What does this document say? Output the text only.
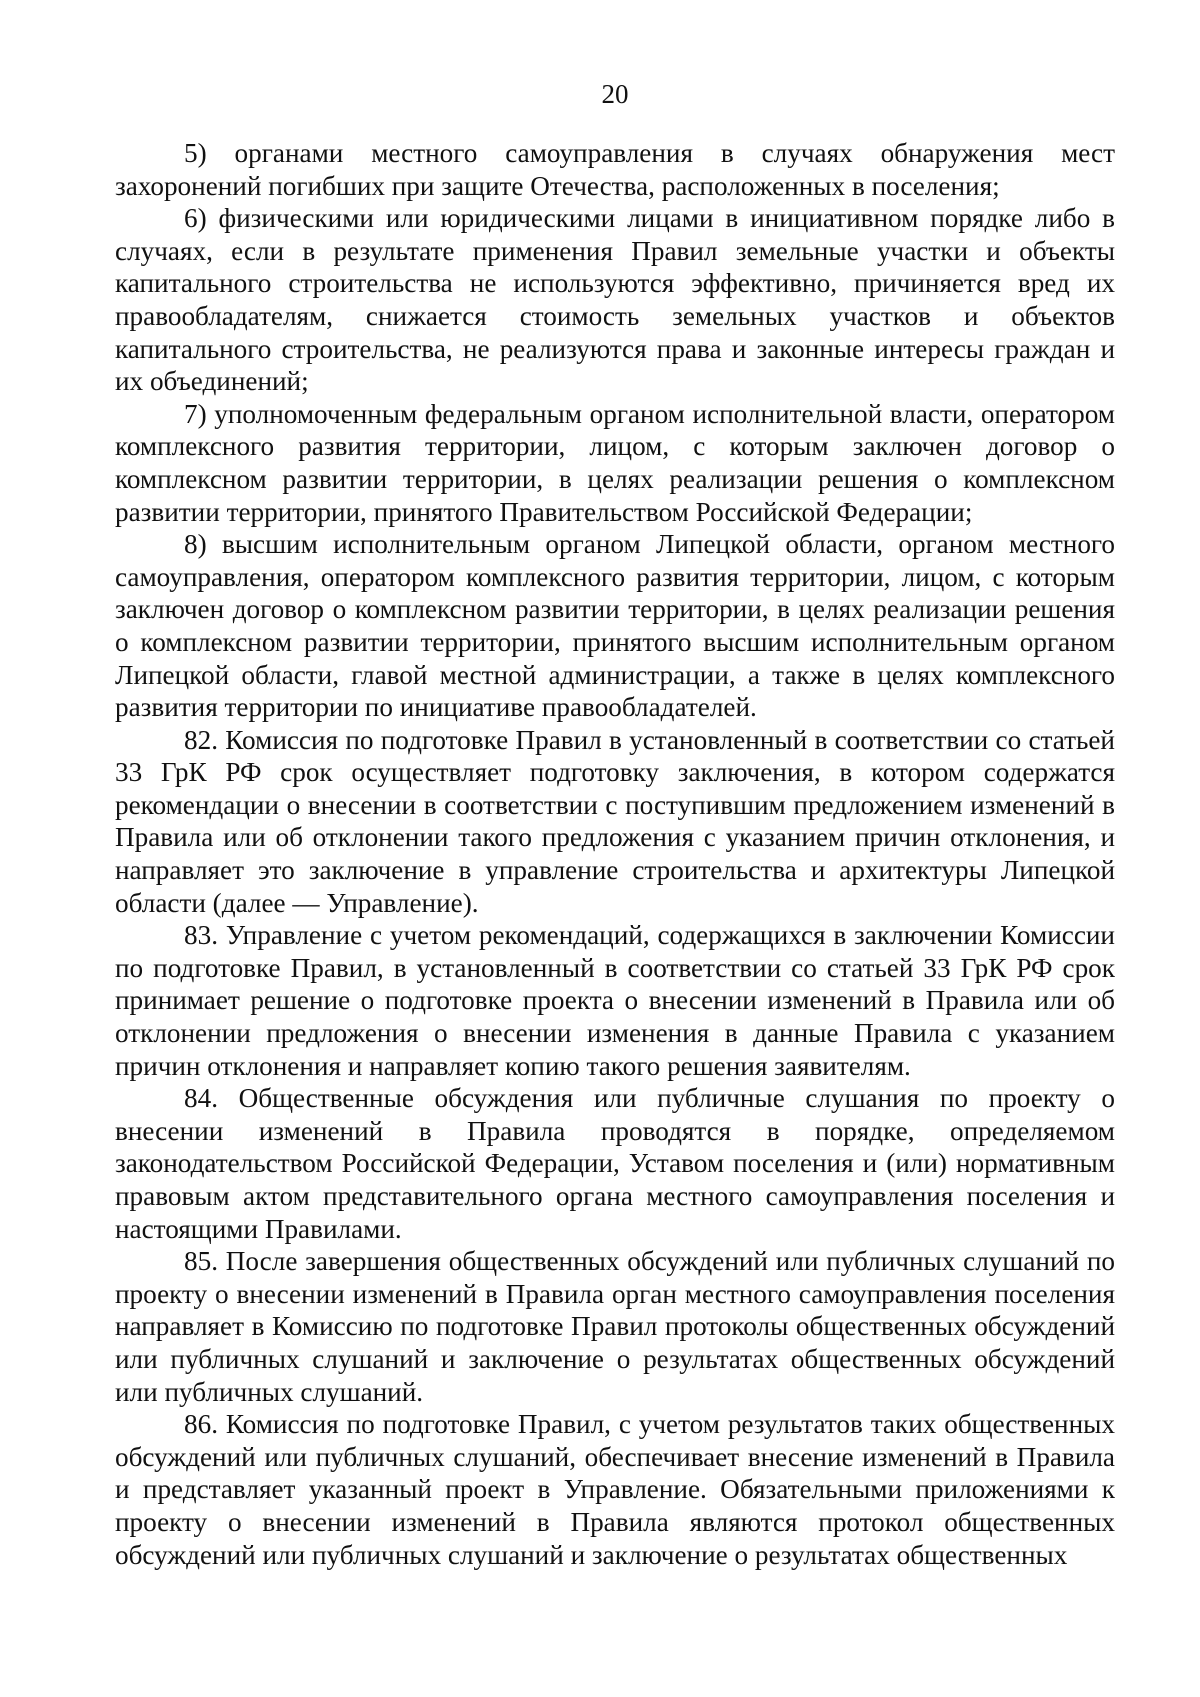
20

5) органами местного самоуправления в случаях обнаружения мест захоронений погибших при защите Отечества, расположенных в поселения;

6) физическими или юридическими лицами в инициативном порядке либо в случаях, если в результате применения Правил земельные участки и объекты капитального строительства не используются эффективно, причиняется вред их правообладателям, снижается стоимость земельных участков и объектов капитального строительства, не реализуются права и законные интересы граждан и их объединений;

7) уполномоченным федеральным органом исполнительной власти, оператором комплексного развития территории, лицом, с которым заключен договор о комплексном развитии территории, в целях реализации решения о комплексном развитии территории, принятого Правительством Российской Федерации;

8) высшим исполнительным органом Липецкой области, органом местного самоуправления, оператором комплексного развития территории, лицом, с которым заключен договор о комплексном развитии территории, в целях реализации решения о комплексном развитии территории, принятого высшим исполнительным органом Липецкой области, главой местной администрации, а также в целях комплексного развития территории по инициативе правообладателей.

82. Комиссия по подготовке Правил в установленный в соответствии со статьей 33 ГрК РФ срок осуществляет подготовку заключения, в котором содержатся рекомендации о внесении в соответствии с поступившим предложением изменений в Правила или об отклонении такого предложения с указанием причин отклонения, и направляет это заключение в управление строительства и архитектуры Липецкой области (далее — Управление).

83. Управление с учетом рекомендаций, содержащихся в заключении Комиссии по подготовке Правил, в установленный в соответствии со статьей 33 ГрК РФ срок принимает решение о подготовке проекта о внесении изменений в Правила или об отклонении предложения о внесении изменения в данные Правила с указанием причин отклонения и направляет копию такого решения заявителям.

84. Общественные обсуждения или публичные слушания по проекту о внесении изменений в Правила проводятся в порядке, определяемом законодательством Российской Федерации, Уставом поселения и (или) нормативным правовым актом представительного органа местного самоуправления поселения и настоящими Правилами.

85. После завершения общественных обсуждений или публичных слушаний по проекту о внесении изменений в Правила орган местного самоуправления поселения направляет в Комиссию по подготовке Правил протоколы общественных обсуждений или публичных слушаний и заключение о результатах общественных обсуждений или публичных слушаний.

86. Комиссия по подготовке Правил, с учетом результатов таких общественных обсуждений или публичных слушаний, обеспечивает внесение изменений в Правила и представляет указанный проект в Управление. Обязательными приложениями к проекту о внесении изменений в Правила являются протокол общественных обсуждений или публичных слушаний и заключение о результатах общественных
